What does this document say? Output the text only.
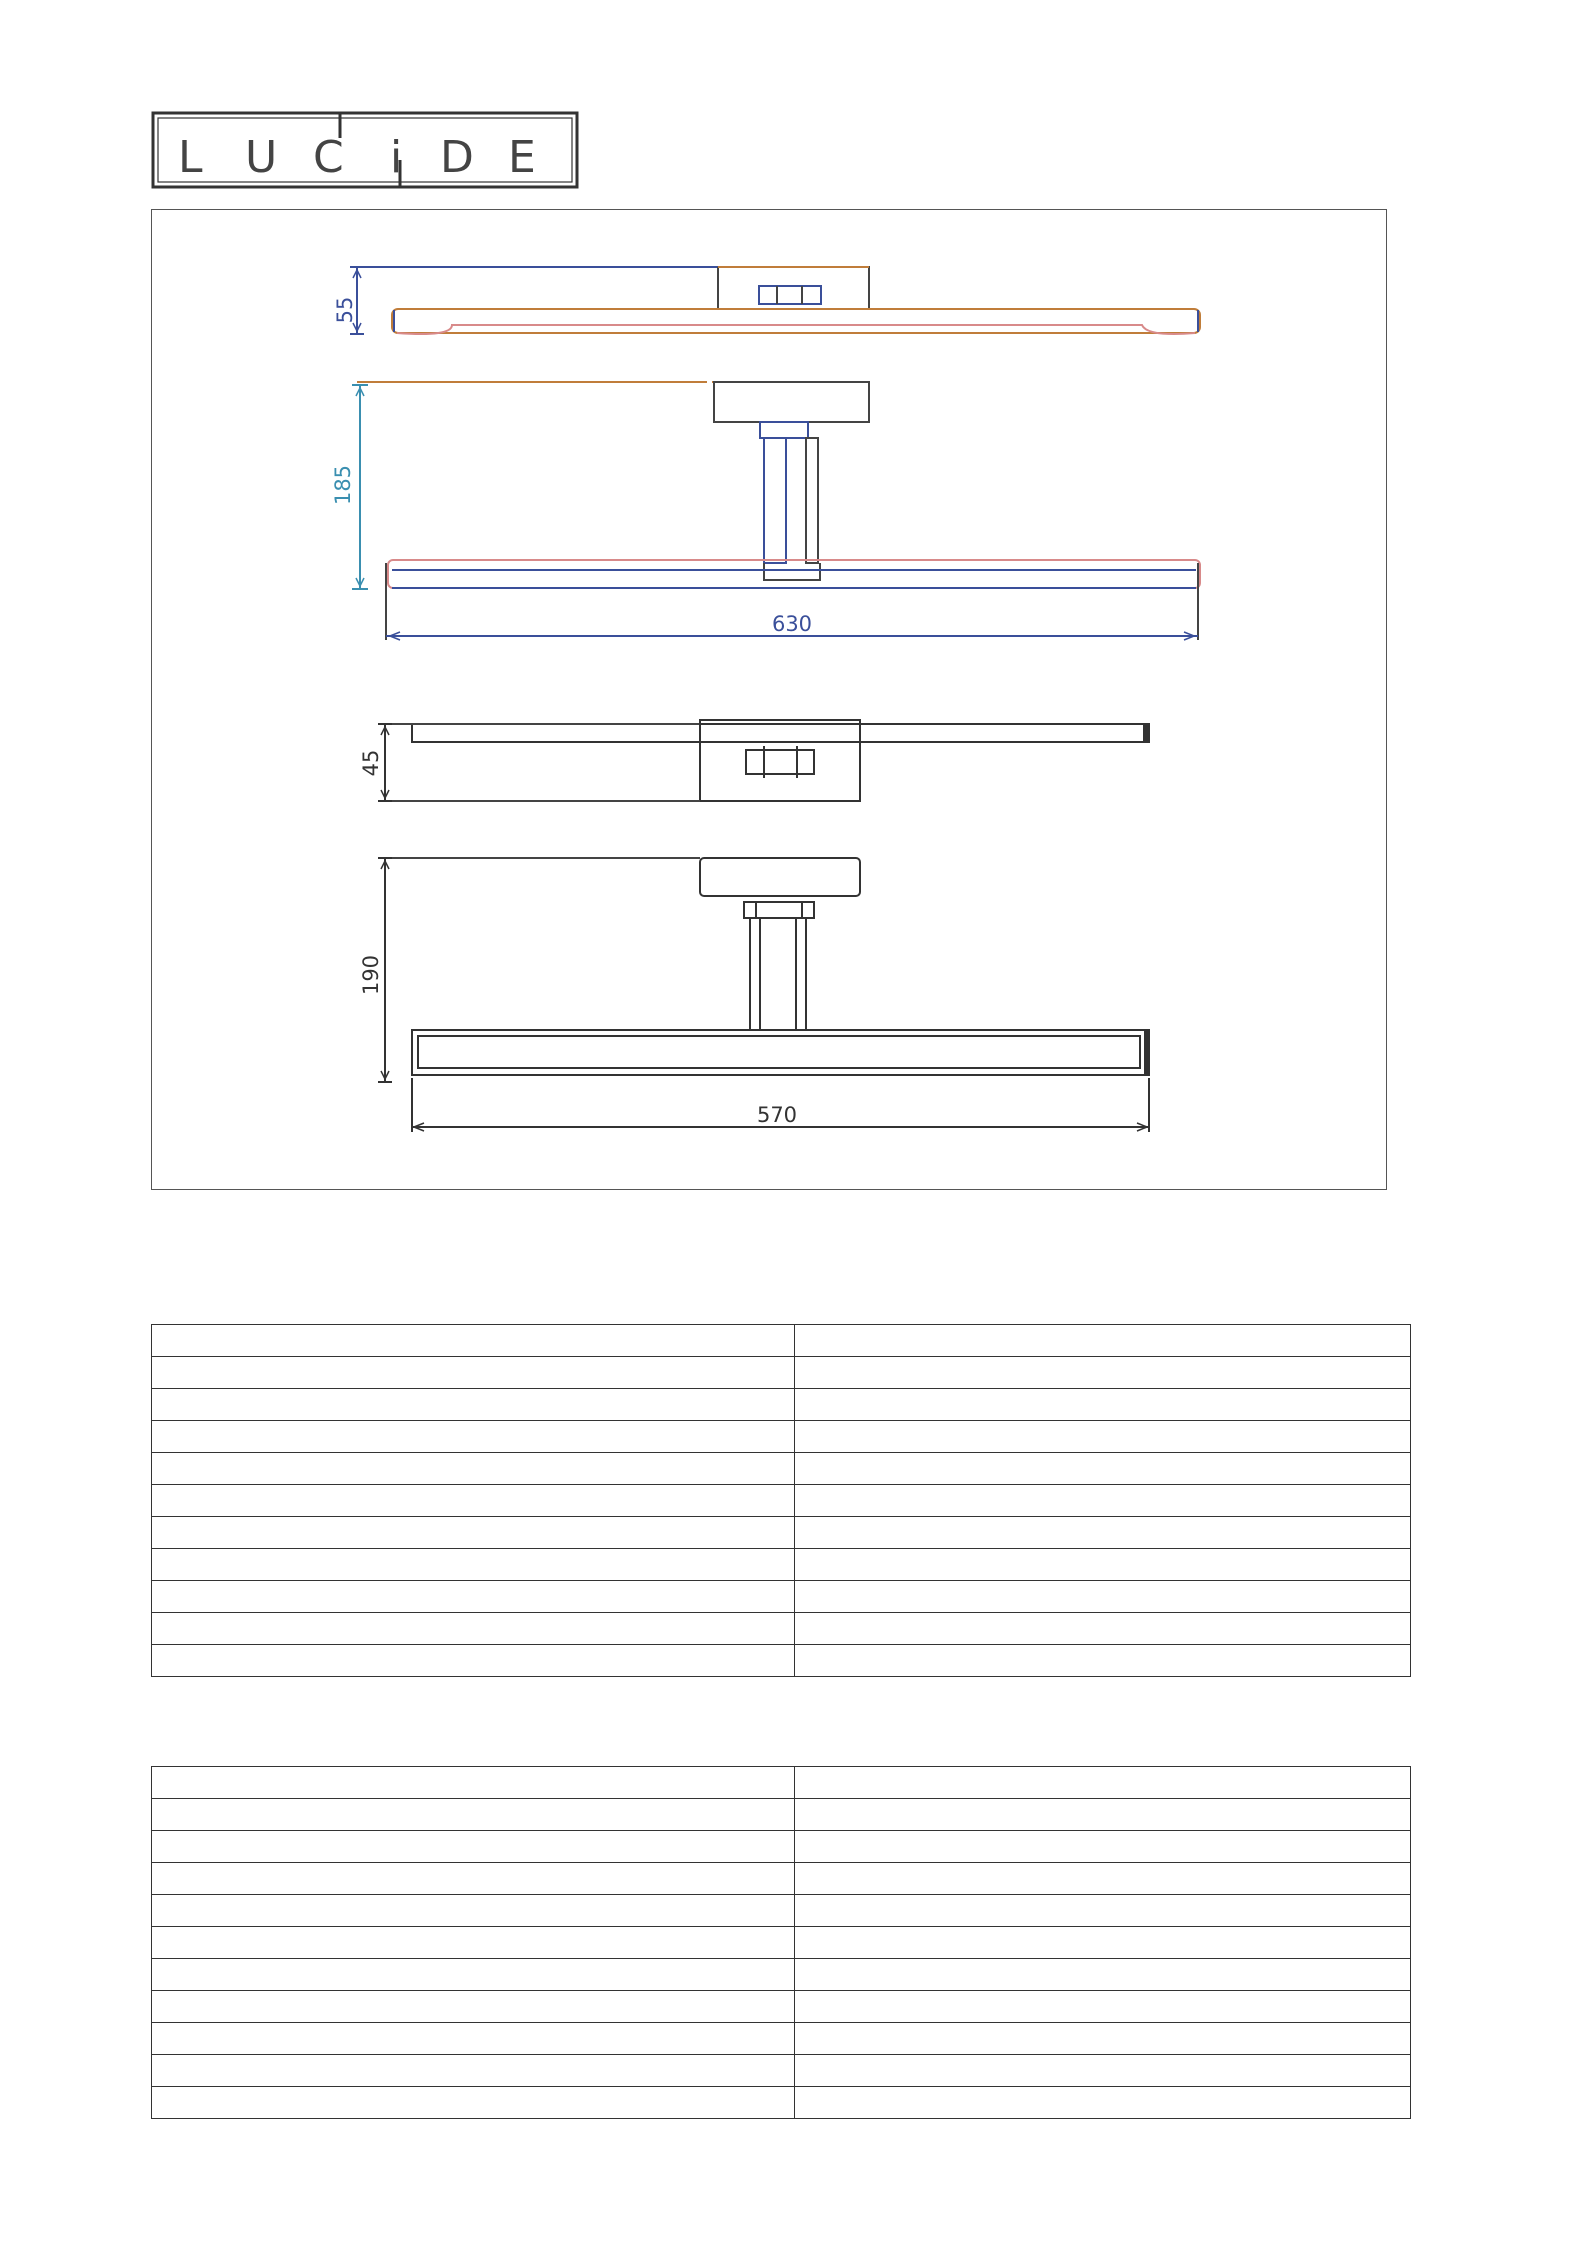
L U C i D E
55
185
630
45
190
570
